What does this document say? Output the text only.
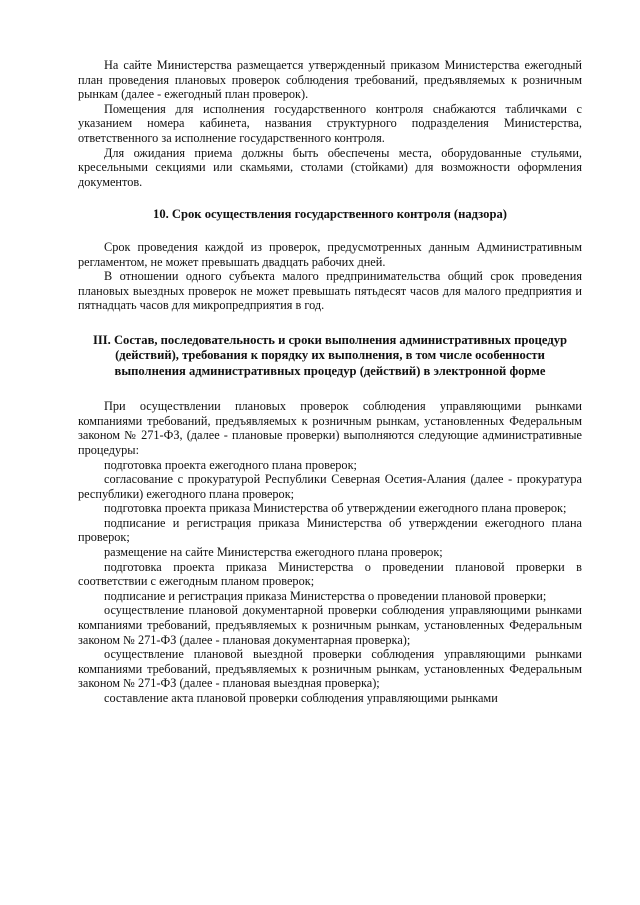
На сайте Министерства размещается утвержденный приказом Министерства ежегодный план проведения плановых проверок соблюдения требований, предъявляемых к розничным рынкам (далее - ежегодный план проверок).

Помещения для исполнения государственного контроля снабжаются табличками с указанием номера кабинета, названия структурного подразделения Министерства, ответственного за исполнение государственного контроля.

Для ожидания приема должны быть обеспечены места, оборудованные стульями, кресельными секциями или скамьями, столами (стойками) для возможности оформления документов.

10. Срок осуществления государственного контроля (надзора)

Срок проведения каждой из проверок, предусмотренных данным Административным регламентом, не может превышать двадцать рабочих дней.

В отношении одного субъекта малого предпринимательства общий срок проведения плановых выездных проверок не может превышать пятьдесят часов для малого предприятия и пятнадцать часов для микропредприятия в год.

III. Состав, последовательность и сроки выполнения административных процедур (действий), требования к порядку их выполнения, в том числе особенности выполнения административных процедур (действий) в электронной форме

При осуществлении плановых проверок соблюдения управляющими рынками компаниями требований, предъявляемых к розничным рынкам, установленных Федеральным законом № 271-ФЗ, (далее - плановые проверки) выполняются следующие административные процедуры:

подготовка проекта ежегодного плана проверок;

согласование с прокуратурой Республики Северная Осетия-Алания (далее - прокуратура республики) ежегодного плана проверок;

подготовка проекта приказа Министерства об утверждении ежегодного плана проверок;

подписание и регистрация приказа Министерства об утверждении ежегодного плана проверок;

размещение на сайте Министерства ежегодного плана проверок;

подготовка проекта приказа Министерства о проведении плановой проверки в соответствии с ежегодным планом проверок;

подписание и регистрация приказа Министерства о проведении плановой проверки;

осуществление плановой документарной проверки соблюдения управляющими рынками компаниями требований, предъявляемых к розничным рынкам, установленных Федеральным законом № 271-ФЗ (далее - плановая документарная проверка);

осуществление плановой выездной проверки соблюдения управляющими рынками компаниями требований, предъявляемых к розничным рынкам, установленных Федеральным законом № 271-ФЗ (далее - плановая выездная проверка);

составление акта плановой проверки соблюдения управляющими рынками
